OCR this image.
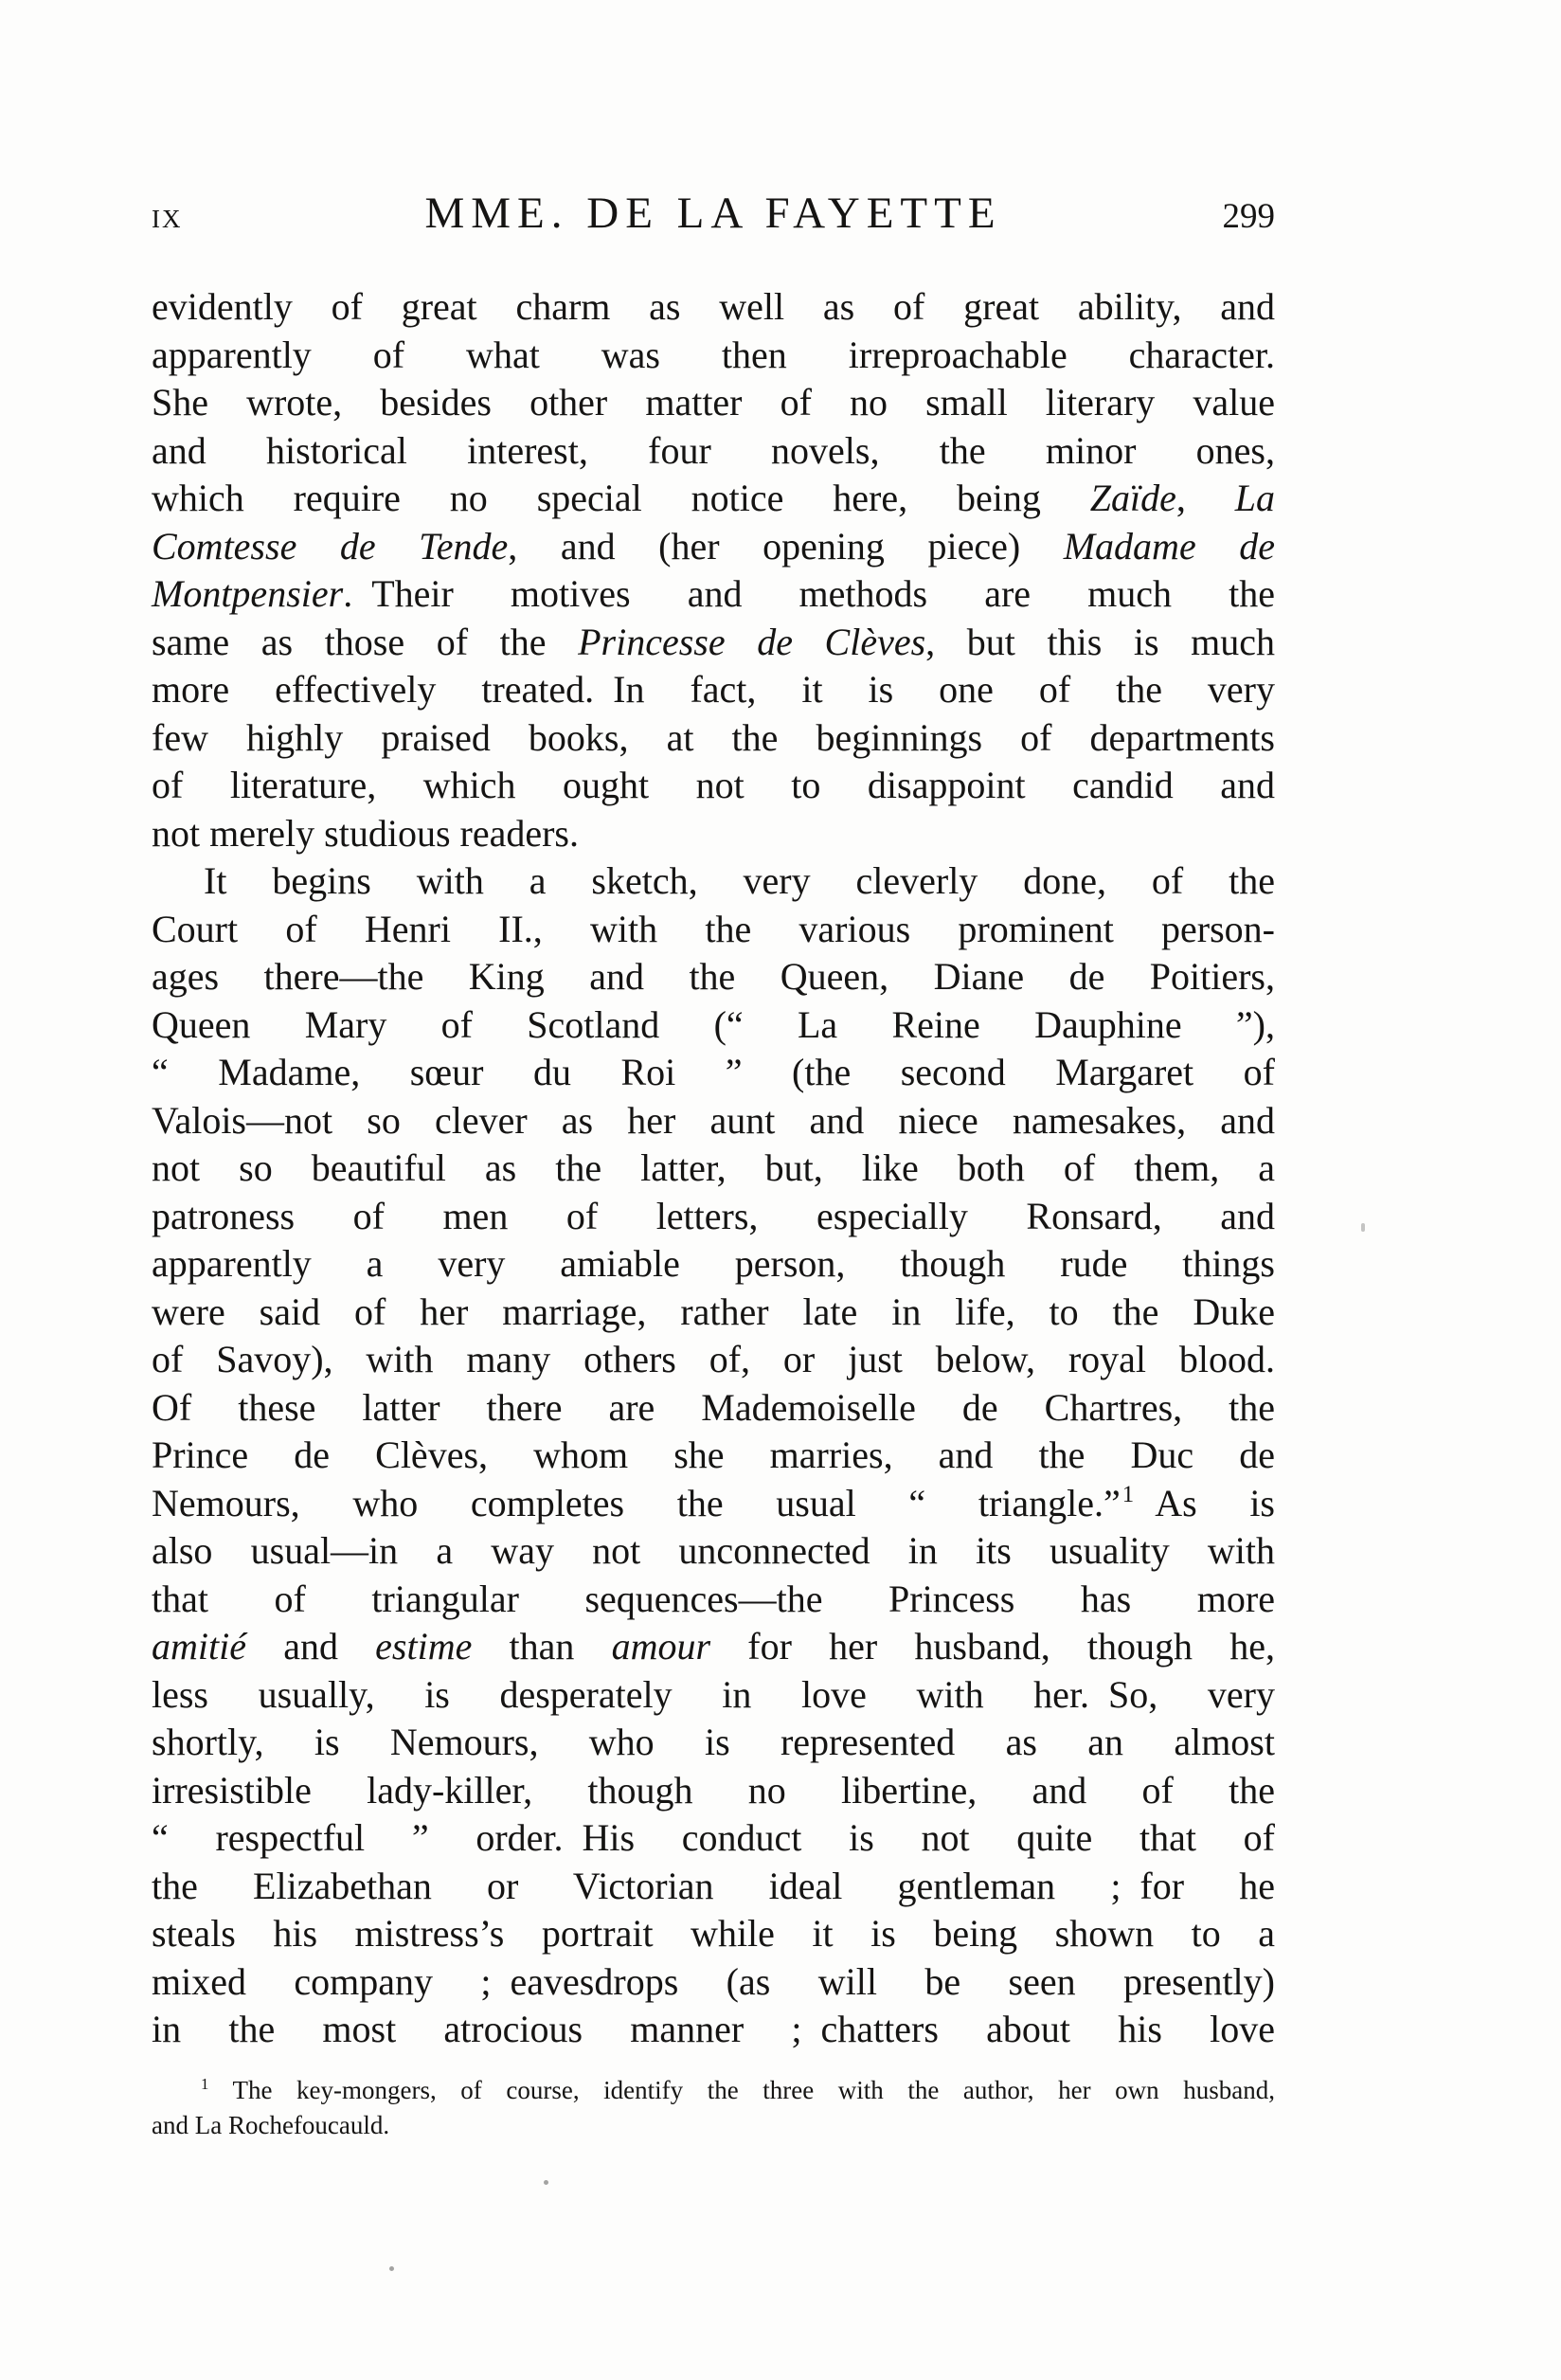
IX	MME. DE LA FAYETTE	299
evidently of great charm as well as of great ability, and
apparently of what was then irreproachable character.
She wrote, besides other matter of no small literary value
and historical interest, four novels, the minor ones,
which require no special notice here, being Zaïde, La
Comtesse de Tende, and (her opening piece) Madame de
Montpensier. Their motives and methods are much the
same as those of the Princesse de Clèves, but this is much
more effectively treated. In fact, it is one of the very
few highly praised books, at the beginnings of departments
of literature, which ought not to disappoint candid and
not merely studious readers.
It begins with a sketch, very cleverly done, of the
Court of Henri II., with the various prominent person-
ages there—the King and the Queen, Diane de Poitiers,
Queen Mary of Scotland (“ La Reine Dauphine ”),
“ Madame, sœur du Roi ” (the second Margaret of
Valois—not so clever as her aunt and niece namesakes, and
not so beautiful as the latter, but, like both of them, a
patroness of men of letters, especially Ronsard, and
apparently a very amiable person, though rude things
were said of her marriage, rather late in life, to the Duke
of Savoy), with many others of, or just below, royal blood.
Of these latter there are Mademoiselle de Chartres, the
Prince de Clèves, whom she marries, and the Duc de
Nemours, who completes the usual “ triangle.”$^1$ As is
also usual—in a way not unconnected in its usuality with
that of triangular sequences—the Princess has more
amitié and estime than amour for her husband, though he,
less usually, is desperately in love with her. So, very
shortly, is Nemours, who is represented as an almost
irresistible lady-killer, though no libertine, and of the
“ respectful ” order. His conduct is not quite that of
the Elizabethan or Victorian ideal gentleman ; for he
steals his mistress’s portrait while it is being shown to a
mixed company ; eavesdrops (as will be seen presently)
in the most atrocious manner ; chatters about his love
$^1$ The key-mongers, of course, identify the three with the author, her own husband,
and La Rochefoucauld.
